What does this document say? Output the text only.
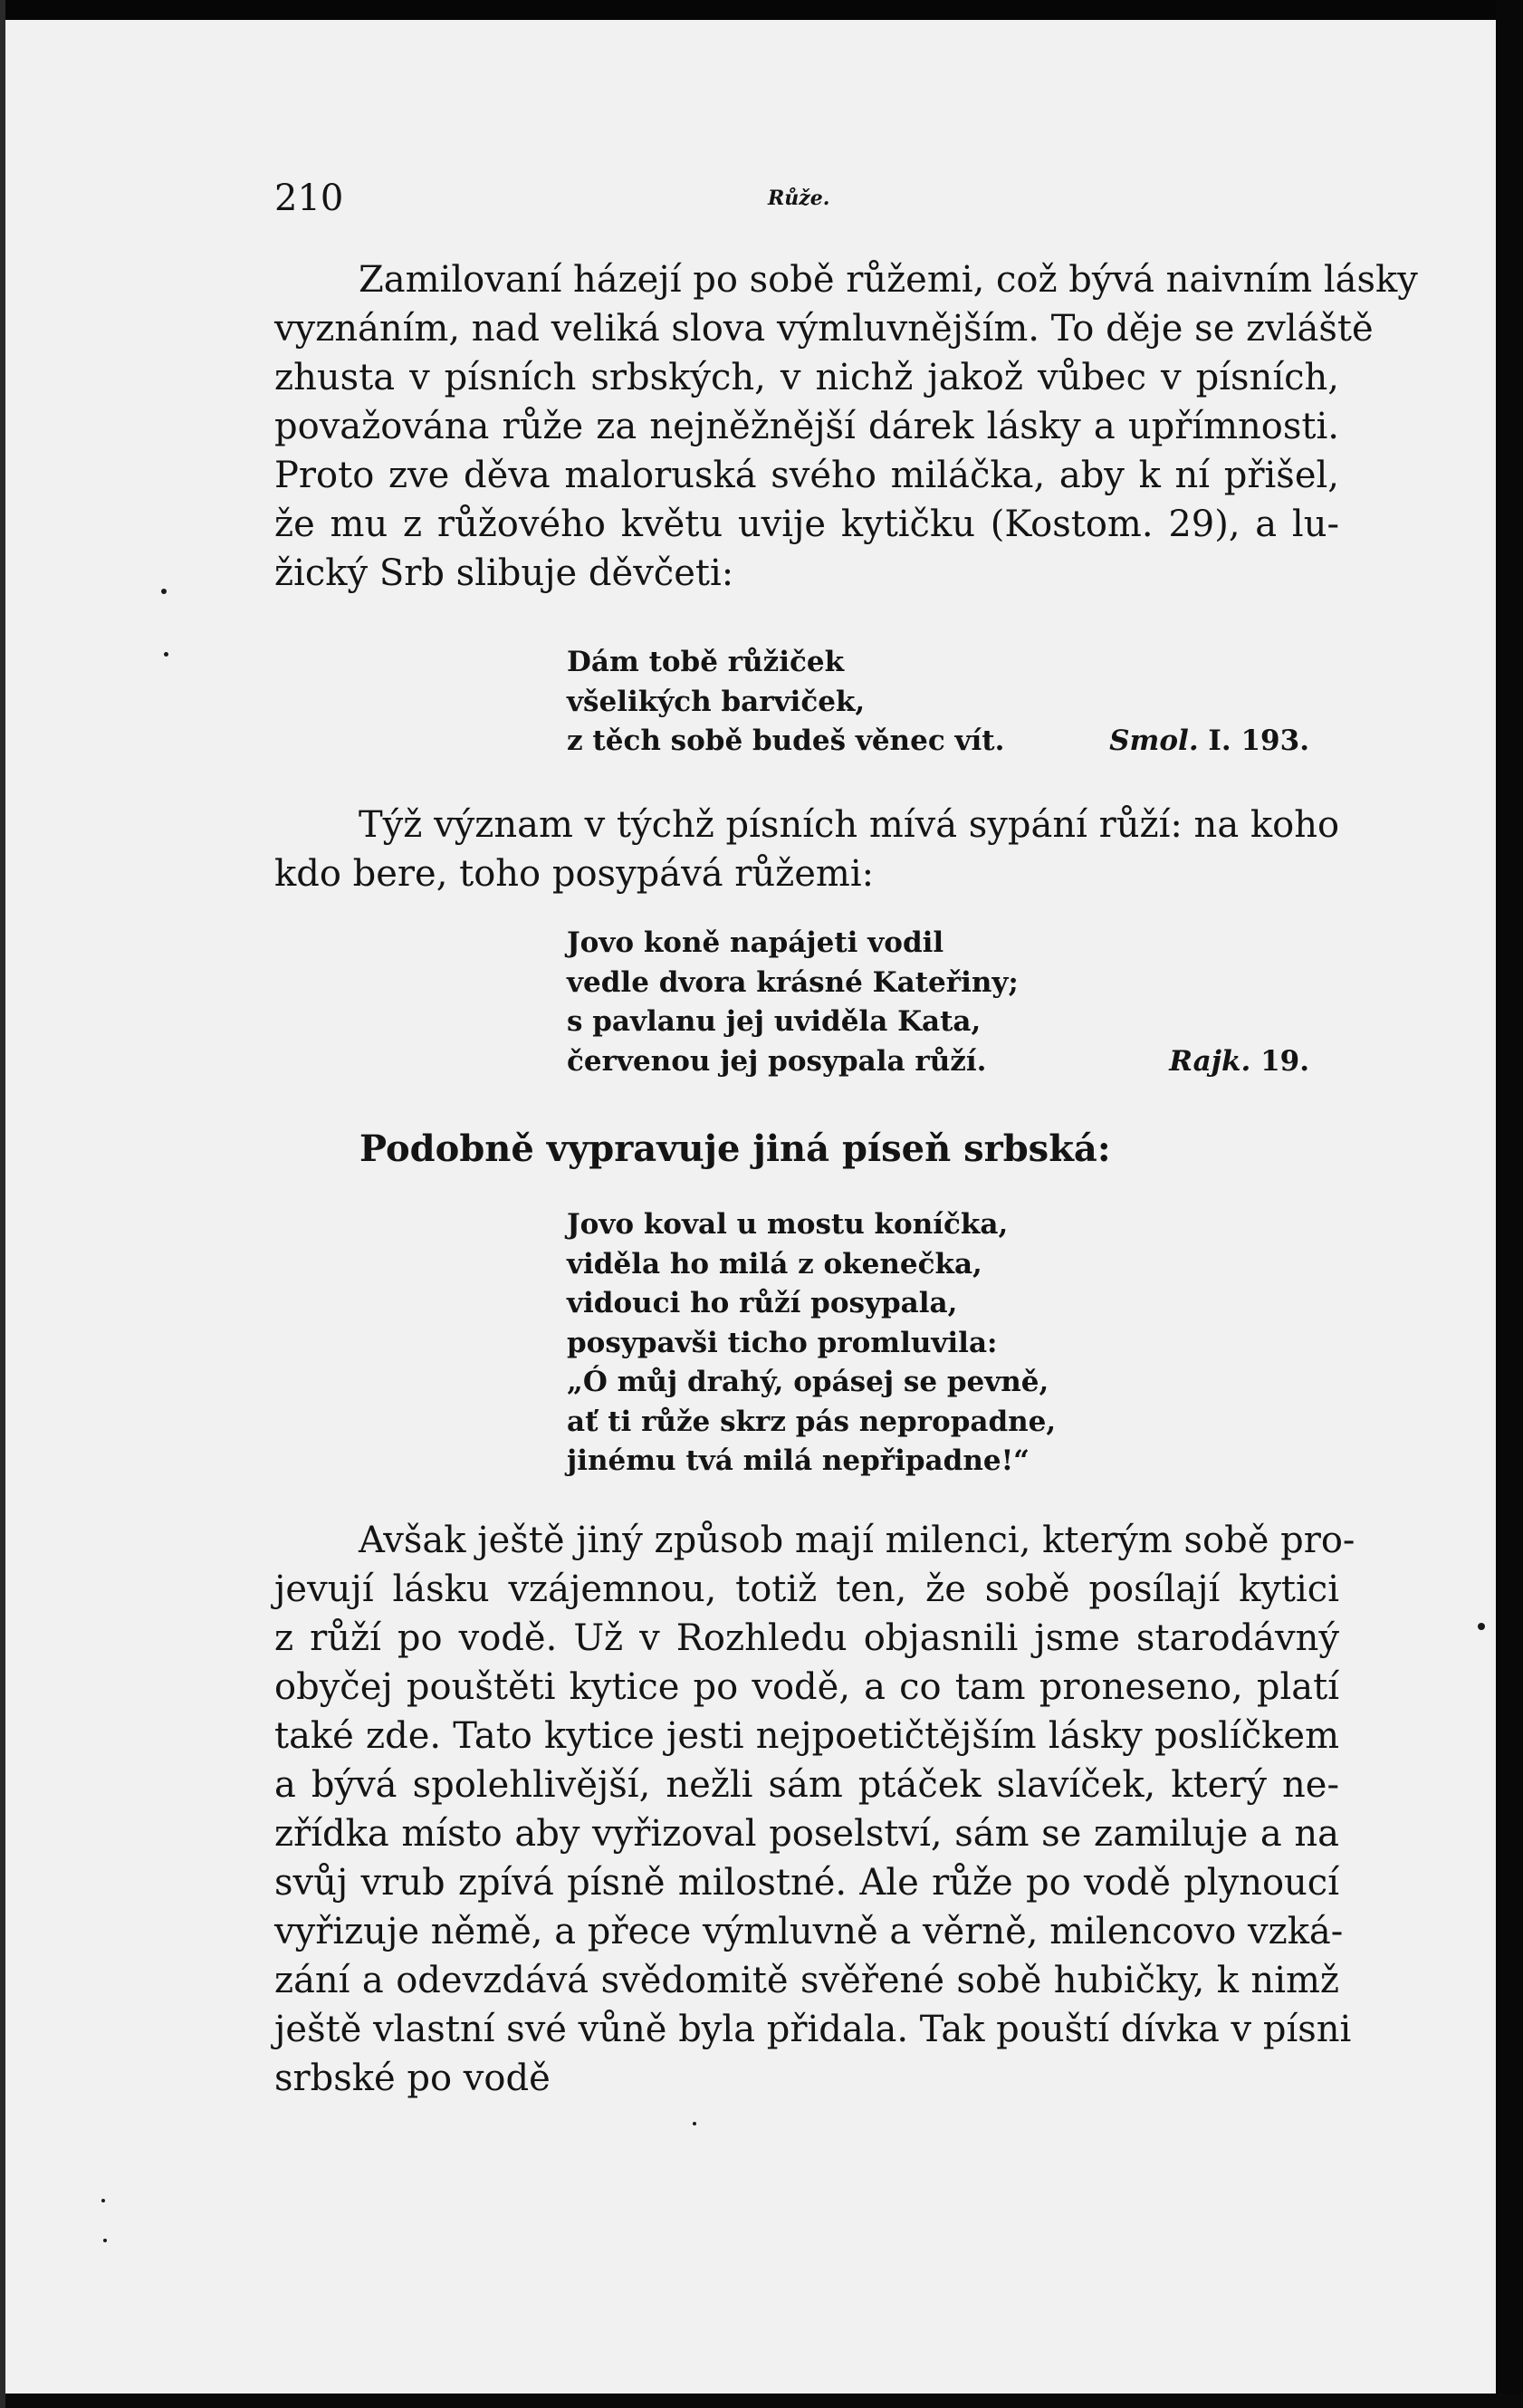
210	Růže.
Zamilovaní házejí po sobě růžemi, což bývá naivním lásky
vyznáním, nad veliká slova výmluvnějším. To děje se zvláště
zhusta v písních srbských, v nichž jakož vůbec v písních,
považována růže za nejněžnější dárek lásky a upřímnosti.
Proto zve děva maloruská svého miláčka, aby k ní přišel,
že mu z růžového květu uvije kytičku (Kostom. 29), a lu-
žický Srb slibuje děvčeti:
Dám tobě růžiček
všelikých barviček,
z těch sobě budeš věnec vít.	Smol. I. 193.
Týž význam v týchž písních mívá sypání růží: na koho
kdo bere, toho posypává růžemi:
Jovo koně napájeti vodil
vedle dvora krásné Kateřiny;
s pavlanu jej uviděla Kata,
červenou jej posypala růží.	Rajk. 19.
Podobně vypravuje jiná píseň srbská:
Jovo koval u mostu koníčka,
viděla ho milá z okenečka,
vidouci ho růží posypala,
posypavši ticho promluvila:
„Ó můj drahý, opásej se pevně,
ať ti růže skrz pás nepropadne,
jinému tvá milá nepřipadne!“
Avšak ještě jiný způsob mají milenci, kterým sobě pro-
jevují lásku vzájemnou, totiž ten, že sobě posílají kytici
z růží po vodě. Už v Rozhledu objasnili jsme starodávný
obyčej pouštěti kytice po vodě, a co tam proneseno, platí
také zde. Tato kytice jesti nejpoetičtějším lásky poslíčkem
a bývá spolehlivější, nežli sám ptáček slavíček, který ne-
zřídka místo aby vyřizoval poselství, sám se zamiluje a na
svůj vrub zpívá písně milostné. Ale růže po vodě plynoucí
vyřizuje němě, a přece výmluvně a věrně, milencovo vzká-
zání a odevzdává svědomitě svěřené sobě hubičky, k nimž
ještě vlastní své vůně byla přidala. Tak pouští dívka v písni
srbské po vodě
